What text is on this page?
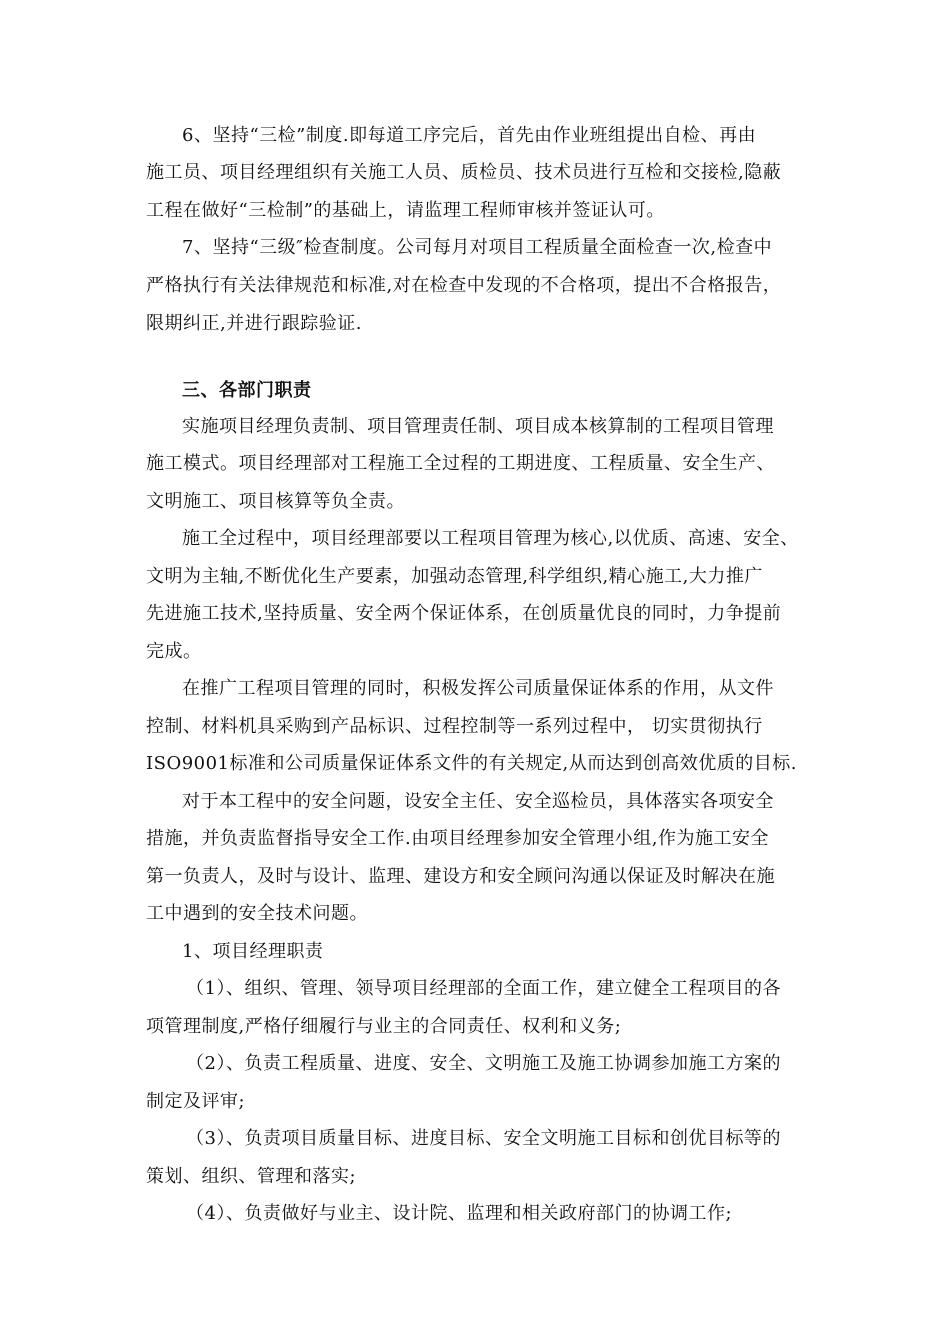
6、坚持“三检”制度.即每道工序完后，首先由作业班组提出自检、再由
施工员、项目经理组织有关施工人员、质检员、技术员进行互检和交接检,隐蔽
工程在做好“三检制”的基础上，请监理工程师审核并签证认可。
7、坚持“三级″检查制度。公司每月对项目工程质量全面检查一次,检查中
严格执行有关法律规范和标准,对在检查中发现的不合格项，提出不合格报告，
限期纠正,并进行跟踪验证.
三、各部门职责
实施项目经理负责制、项目管理责任制、项目成本核算制的工程项目管理
施工模式。项目经理部对工程施工全过程的工期进度、工程质量、安全生产、
文明施工、项目核算等负全责。
施工全过程中，项目经理部要以工程项目管理为核心,以优质、高速、安全、
文明为主轴,不断优化生产要素，加强动态管理,科学组织,精心施工,大力推广
先进施工技术,坚持质量、安全两个保证体系，在创质量优良的同时，力争提前
完成。
在推广工程项目管理的同时，积极发挥公司质量保证体系的作用，从文件
控制、材料机具采购到产品标识、过程控制等一系列过程中， 切实贯彻执行
ISO9001标准和公司质量保证体系文件的有关规定,从而达到创高效优质的目标.
对于本工程中的安全问题，设安全主任、安全巡检员，具体落实各项安全
措施，并负责监督指导安全工作.由项目经理参加安全管理小组,作为施工安全
第一负责人，及时与设计、监理、建设方和安全顾问沟通以保证及时解决在施
工中遇到的安全技术问题。
1、项目经理职责
（1）、组织、管理、领导项目经理部的全面工作，建立健全工程项目的各
项管理制度,严格仔细履行与业主的合同责任、权利和义务;
（2）、负责工程质量、进度、安全、文明施工及施工协调参加施工方案的
制定及评审;
（3）、负责项目质量目标、进度目标、安全文明施工目标和创优目标等的
策划、组织、管理和落实;
（4）、负责做好与业主、设计院、监理和相关政府部门的协调工作;
